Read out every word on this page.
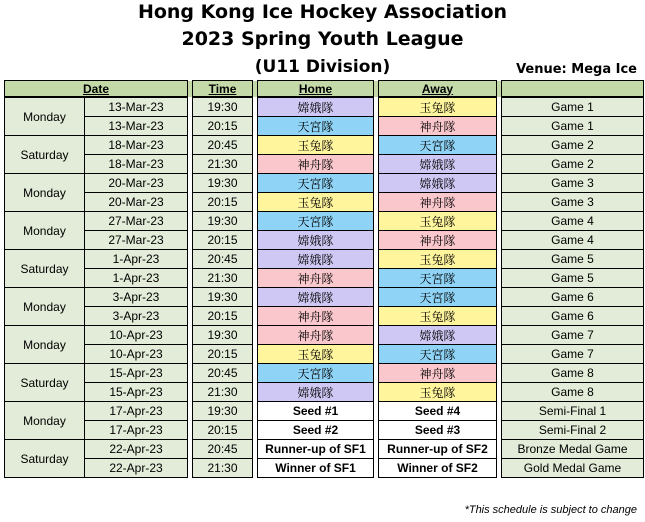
Hong Kong Ice Hockey Association
2023 Spring Youth League
(U11 Division)	Venue: Mega Ice
Date			Time		Home		Away		
Monday	13-Mar-23		19:30		嫦娥隊		玉兔隊		Game 1
	13-Mar-23		20:15		天宮隊		神舟隊		Game 1
Saturday	18-Mar-23		20:45		玉兔隊		天宮隊		Game 2
	18-Mar-23		21:30		神舟隊		嫦娥隊		Game 2
Monday	20-Mar-23		19:30		天宮隊		嫦娥隊		Game 3
	20-Mar-23		20:15		玉兔隊		神舟隊		Game 3
Monday	27-Mar-23		19:30		天宮隊		玉兔隊		Game 4
	27-Mar-23		20:15		嫦娥隊		神舟隊		Game 4
Saturday	1-Apr-23		20:45		嫦娥隊		玉兔隊		Game 5
	1-Apr-23		21:30		神舟隊		天宮隊		Game 5
Monday	3-Apr-23		19:30		嫦娥隊		天宮隊		Game 6
	3-Apr-23		20:15		神舟隊		玉兔隊		Game 6
Monday	10-Apr-23		19:30		神舟隊		嫦娥隊		Game 7
	10-Apr-23		20:15		玉兔隊		天宮隊		Game 7
Saturday	15-Apr-23		20:45		天宮隊		神舟隊		Game 8
	15-Apr-23		21:30		嫦娥隊		玉兔隊		Game 8
Monday	17-Apr-23		19:30		Seed #1		Seed #4		Semi-Final 1
	17-Apr-23		20:15		Seed #2		Seed #3		Semi-Final 2
Saturday	22-Apr-23		20:45		Runner-up of SF1		Runner-up of SF2		Bronze Medal Game
	22-Apr-23		21:30		Winner of SF1		Winner of SF2		Gold Medal Game
*This schedule is subject to change
